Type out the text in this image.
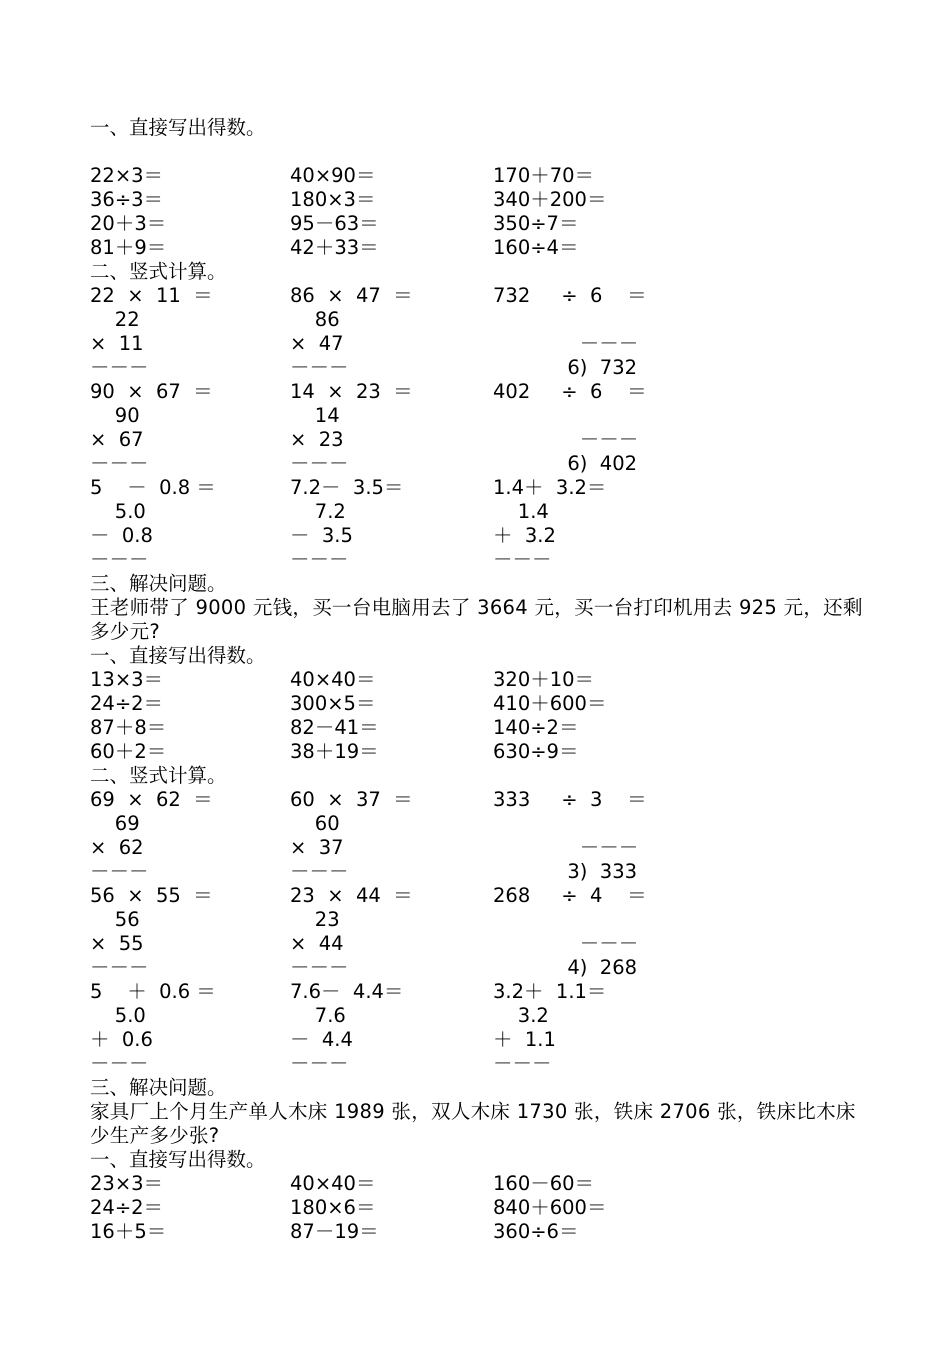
一、直接写出得数。
22×3＝	40×90＝	170＋70＝
36÷3＝	180×3＝	340＋200＝
20＋3＝	95－63＝	350÷7＝
81＋9＝	42＋33＝	160÷4＝
二、竖式计算。
22  ×  11  ＝	86  ×  47  ＝	732     ÷  6    ＝
22	86
×  11	×  47	－－－
－－－	－－－	6)  732
90  ×  67  ＝	14  ×  23  ＝	402     ÷  6    ＝
90	14
×  67	×  23	－－－
－－－	－－－	6)  402
5    －  0.8 ＝	7.2－  3.5＝	1.4＋  3.2＝
5.0	7.2	1.4
－  0.8	－  3.5	＋  3.2
－－－	－－－	－－－
三、解决问题。
王老师带了 9000 元钱，买一台电脑用去了 3664 元，买一台打印机用去 925 元，还剩多少元?
一、直接写出得数。
13×3＝	40×40＝	320＋10＝
24÷2＝	300×5＝	410＋600＝
87＋8＝	82－41＝	140÷2＝
60＋2＝	38＋19＝	630÷9＝
二、竖式计算。
69  ×  62  ＝	60  ×  37  ＝	333     ÷  3    ＝
69	60
×  62	×  37	－－－
－－－	－－－	3)  333
56  ×  55  ＝	23  ×  44  ＝	268     ÷  4    ＝
56	23
×  55	×  44	－－－
－－－	－－－	4)  268
5    ＋  0.6 ＝	7.6－  4.4＝	3.2＋  1.1＝
5.0	7.6	3.2
＋  0.6	－  4.4	＋  1.1
－－－	－－－	－－－
三、解决问题。
家具厂上个月生产单人木床 1989 张，双人木床 1730 张，铁床 2706 张，铁床比木床少生产多少张?
一、直接写出得数。
23×3＝	40×40＝	160－60＝
24÷2＝	180×6＝	840＋600＝
16＋5＝	87－19＝	360÷6＝
